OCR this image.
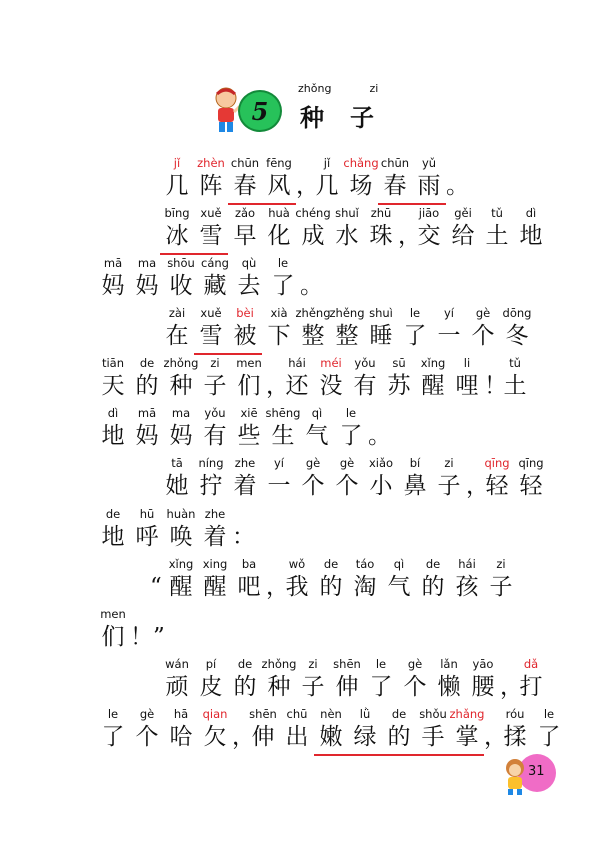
5
zhǒng	zi
种 子
jǐ
几
zhèn
阵
chūn
春
fēng
风 ，
jǐ
几
chǎng
场
chūn
春
yǔ
雨 。
bīng
冰
xuě
雪
zǎo
早
huà
化
chéng
成
shuǐ
水
zhū
珠 ，
jiāo
交
gěi
给
tǔ
土
dì
地
mā
妈
ma
妈
shōu
收
cáng
藏
qù
去
le
了 。
zài
在
xuě
雪
bèi
被
xià
下
zhěng
整
zhěng
整
shuì
睡
le
了
yí
一
gè
个
dōng
冬
tiān
天
de
的
zhǒng
种
zi
子
men
们 ，
hái
还
méi
没
yǒu
有
sū
苏
xǐng
醒
li
哩 ！
tǔ
土
dì
地
mā
妈
ma
妈
yǒu
有
xiē
些
shēng
生
qì
气
le
了 。
tā
她
níng
拧
zhe
着
yí
一
gè
个
gè
个
xiǎo
小
bí
鼻
zi
子 ，
qīng
轻
qīng
轻
de
地
hū
呼
huàn
唤
zhe
着 ：
“
xǐng
醒
xing
醒
ba
吧 ，
wǒ
我
de
的
táo
淘
qì
气
de
的
hái
孩
zi
子
men
们 ！”
wán
顽
pí
皮
de
的
zhǒng
种
zi
子
shēn
伸
le
了
gè
个
lǎn
懒
yāo
腰 ，
dǎ
打
le
了
gè
个
hā
哈
qian
欠 ，
shēn
伸
chū
出
nèn
嫩
lǜ
绿
de
的
shǒu
手
zhǎng
掌 ，
róu
揉
le
了
31
